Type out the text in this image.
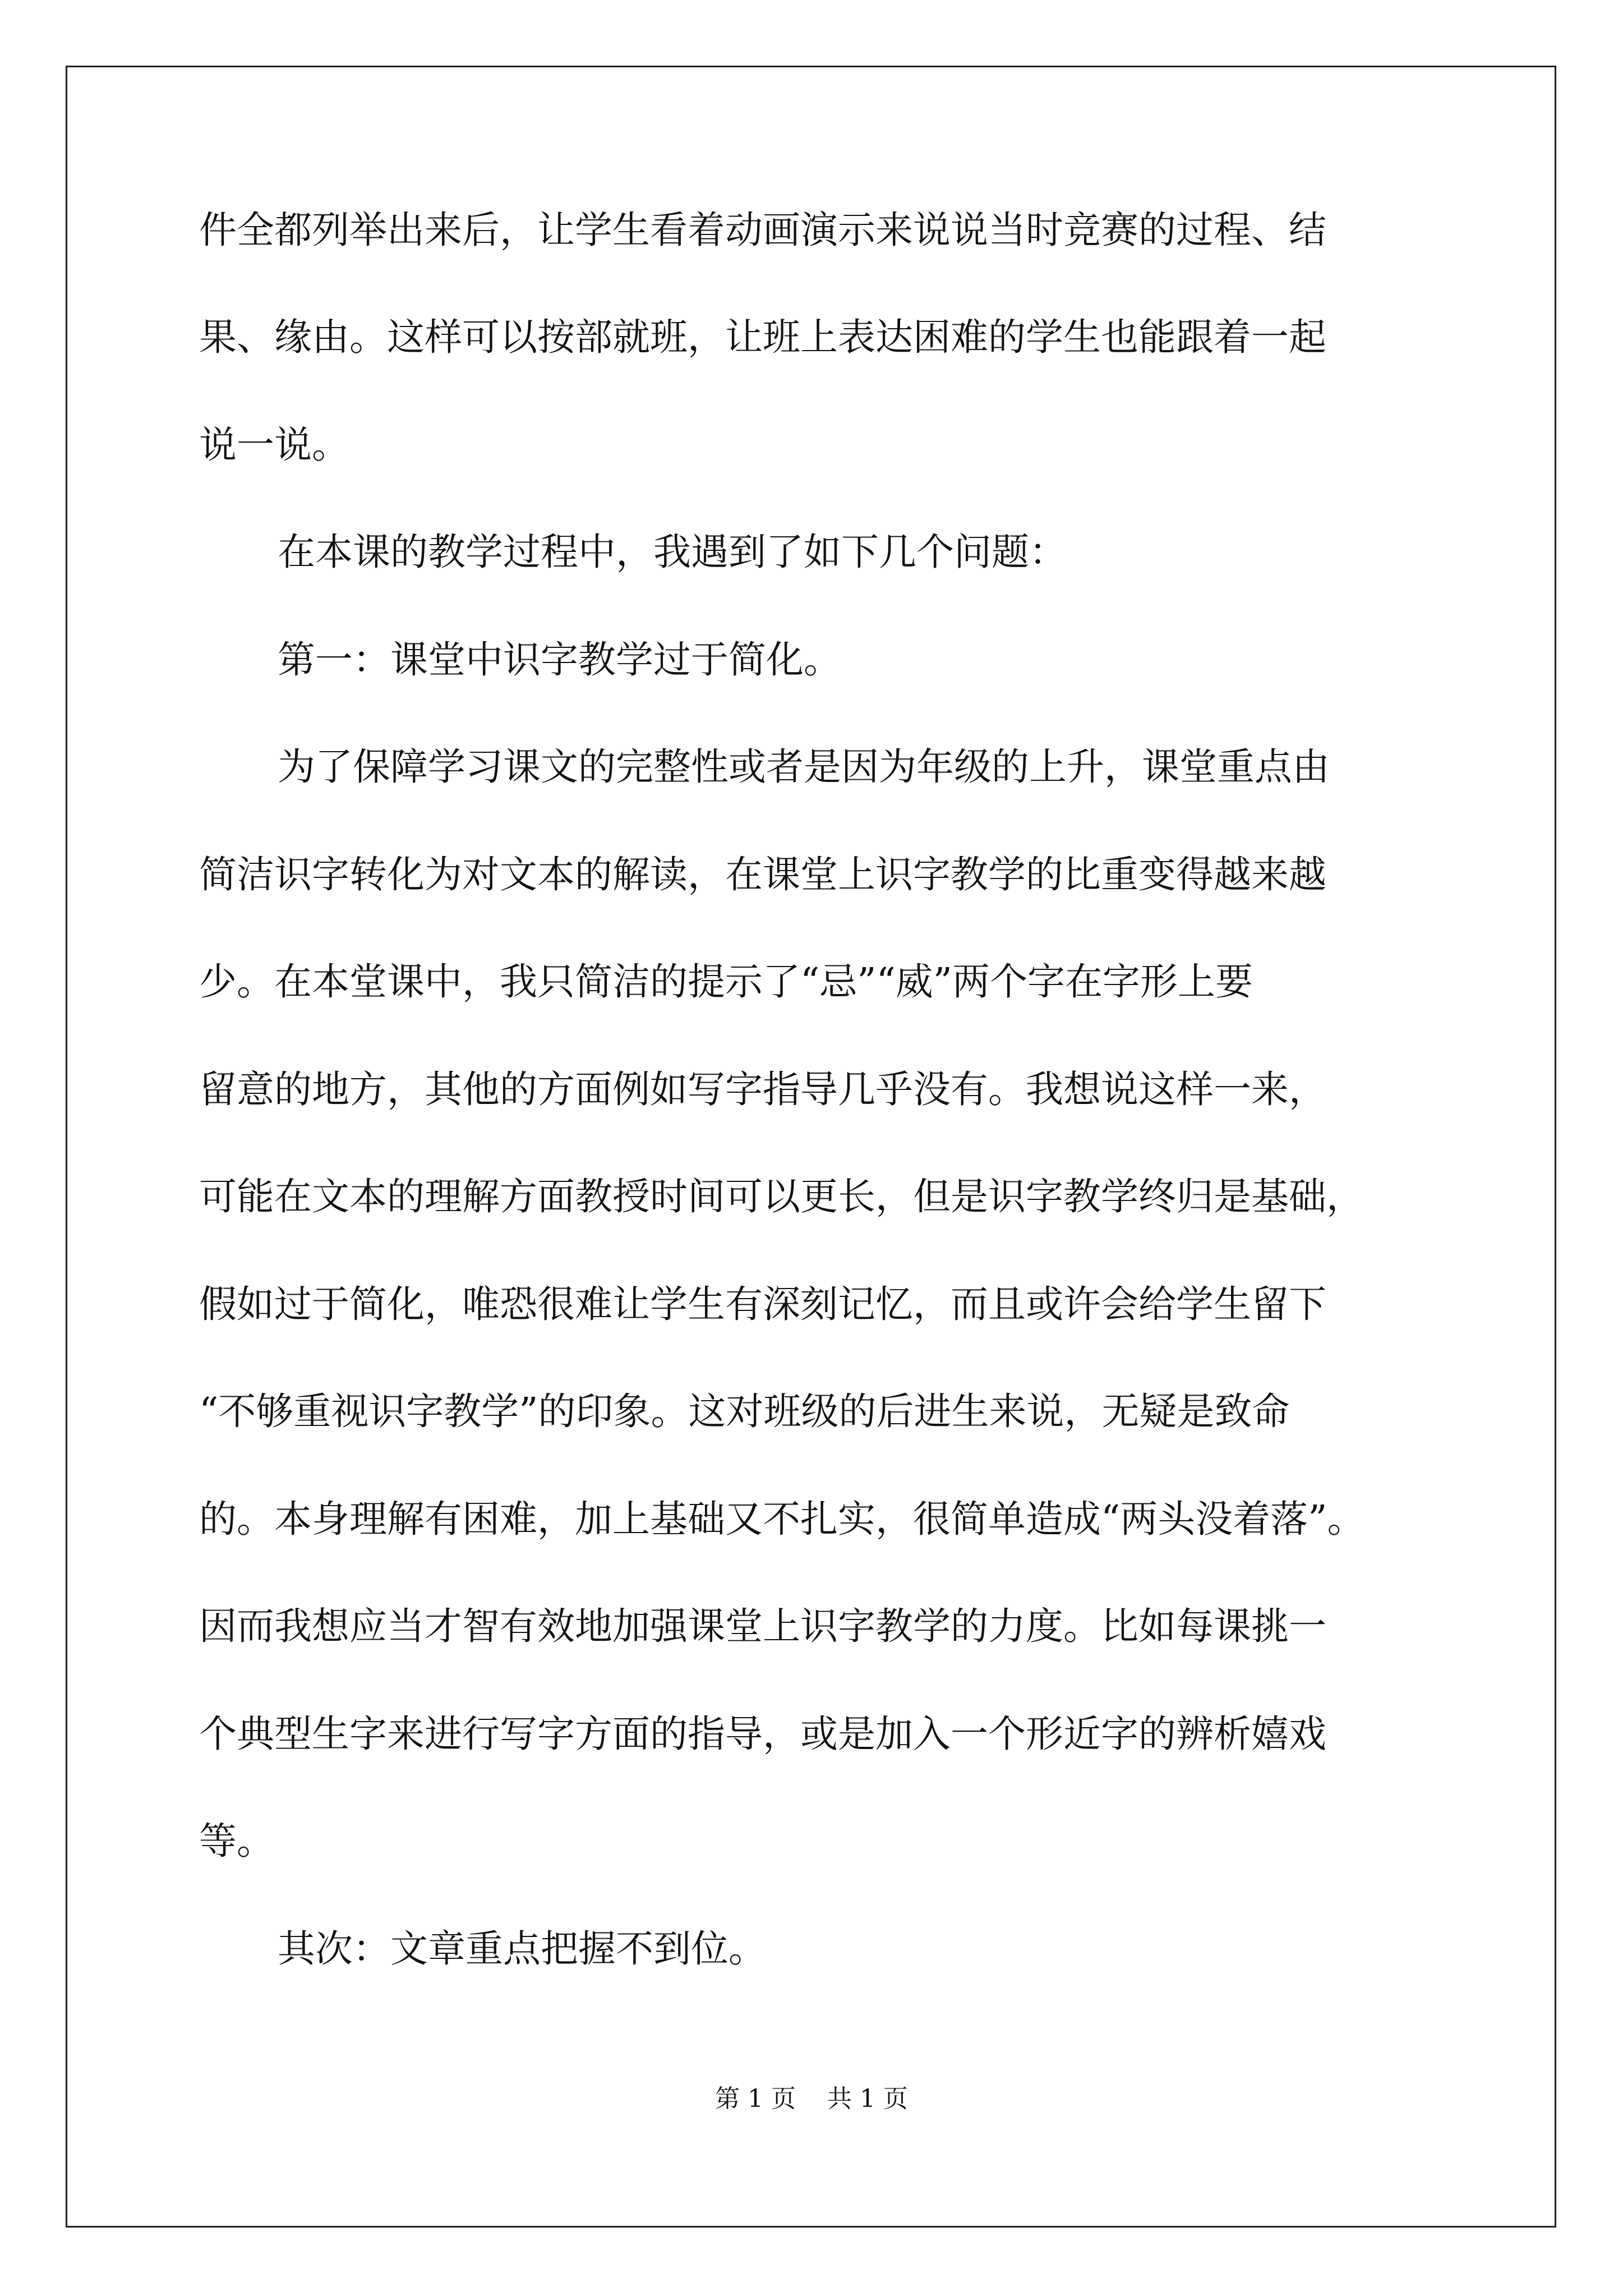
件全都列举出来后，让学生看着动画演示来说说当时竞赛的过程、结
果、缘由。这样可以按部就班，让班上表达困难的学生也能跟着一起
说一说。
在本课的教学过程中，我遇到了如下几个问题：
第一：课堂中识字教学过于简化。
为了保障学习课文的完整性或者是因为年级的上升，课堂重点由
简洁识字转化为对文本的解读，在课堂上识字教学的比重变得越来越
少。在本堂课中，我只简洁的提示了“忌”“威”两个字在字形上要
留意的地方，其他的方面例如写字指导几乎没有。我想说这样一来，
可能在文本的理解方面教授时间可以更长，但是识字教学终归是基础，
假如过于简化，唯恐很难让学生有深刻记忆，而且或许会给学生留下
“不够重视识字教学”的印象。这对班级的后进生来说，无疑是致命
的。本身理解有困难，加上基础又不扎实，很简单造成“两头没着落”。
因而我想应当才智有效地加强课堂上识字教学的力度。比如每课挑一
个典型生字来进行写字方面的指导，或是加入一个形近字的辨析嬉戏
等。
其次：文章重点把握不到位。
第 1 页    共 1 页
